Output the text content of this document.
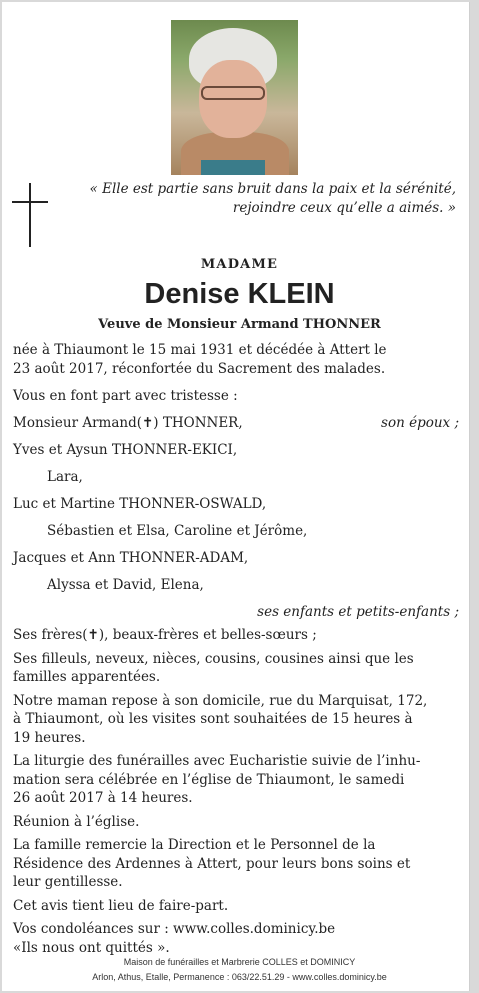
« Elle est partie sans bruit dans la paix et la sérénité,
rejoindre ceux qu’elle a aimés. »
MADAME
Denise KLEIN
Veuve de Monsieur Armand THONNER

née à Thiaumont le 15 mai 1931 et décédée à Attert le
23 août 2017, réconfortée du Sacrement des malades.

Vous en font part avec tristesse :
Monsieur Armand(✝) THONNER,	son époux ;
Yves et Aysun THONNER-EKICI,
Lara,
Luc et Martine THONNER-OSWALD,
Sébastien et Elsa, Caroline et Jérôme,
Jacques et Ann THONNER-ADAM,
Alyssa et David, Elena,
ses enfants et petits-enfants ;

Ses frères(✝), beaux-frères et belles-sœurs ;

Ses filleuls, neveux, nièces, cousins, cousines ainsi que les
familles apparentées.

Notre maman repose à son domicile, rue du Marquisat, 172,
à Thiaumont, où les visites sont souhaitées de 15 heures à
19 heures.

La liturgie des funérailles avec Eucharistie suivie de l’inhu-
mation sera célébrée en l’église de Thiaumont, le samedi
26 août 2017 à 14 heures.

Réunion à l’église.

La famille remercie la Direction et le Personnel de la
Résidence des Ardennes à Attert, pour leurs bons soins et
leur gentillesse.

Cet avis tient lieu de faire-part.

Vos condoléances sur : www.colles.dominicy.be
«Ils nous ont quittés ».

Maison de funérailles et Marbrerie COLLES et DOMINICY
Arlon, Athus, Etalle, Permanence : 063/22.51.29 - www.colles.dominicy.be
